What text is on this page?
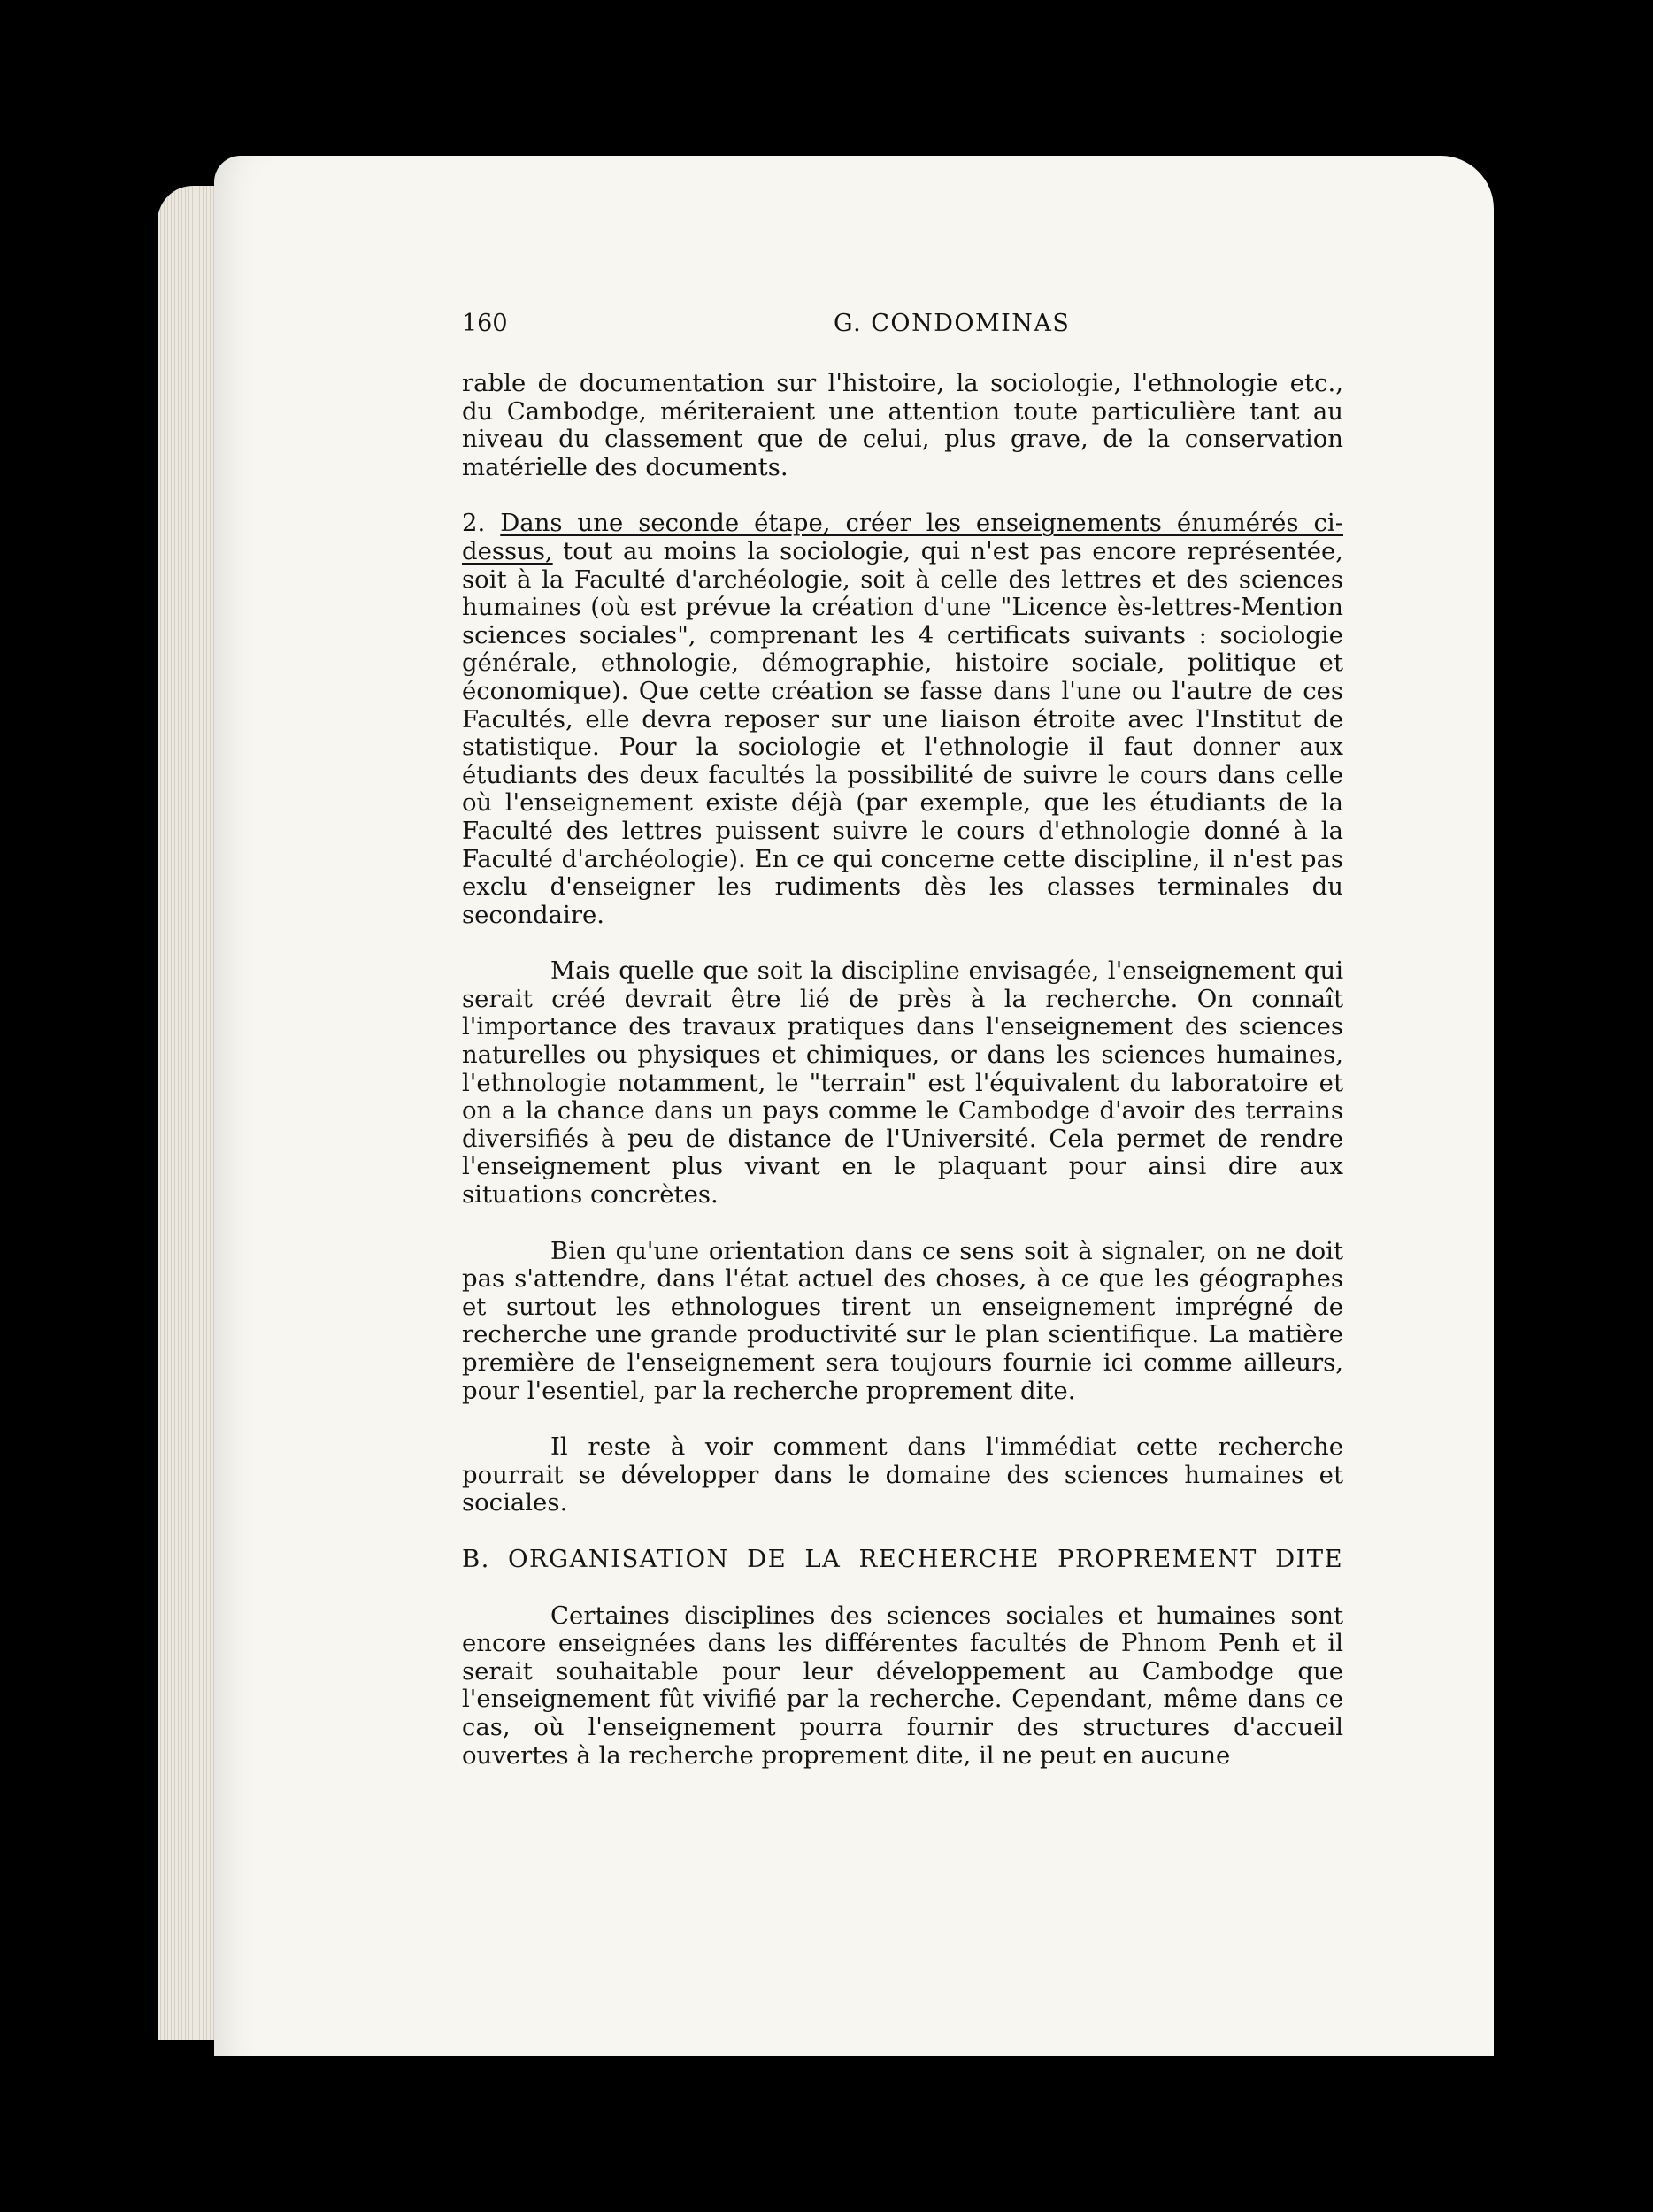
160	G. CONDOMINAS

rable de documentation sur l'histoire, la sociologie, l'ethnologie etc., du Cambodge, mériteraient une attention toute particulière tant au niveau du classement que de celui, plus grave, de la conservation matérielle des documents.

2. Dans une seconde étape, créer les enseignements énumérés ci-dessus, tout au moins la sociologie, qui n'est pas encore représentée, soit à la Faculté d'archéologie, soit à celle des lettres et des sciences humaines (où est prévue la création d'une "Licence ès-lettres-Mention sciences sociales", comprenant les 4 certificats suivants : sociologie générale, ethnologie, démographie, histoire sociale, politique et économique). Que cette création se fasse dans l'une ou l'autre de ces Facultés, elle devra reposer sur une liaison étroite avec l'Institut de statistique. Pour la sociologie et l'ethnologie il faut donner aux étudiants des deux facultés la possibilité de suivre le cours dans celle où l'enseignement existe déjà (par exemple, que les étudiants de la Faculté des lettres puissent suivre le cours d'ethnologie donné à la Faculté d'archéologie). En ce qui concerne cette discipline, il n'est pas exclu d'enseigner les rudiments dès les classes terminales du secondaire.

Mais quelle que soit la discipline envisagée, l'enseignement qui serait créé devrait être lié de près à la recherche. On connaît l'importance des travaux pratiques dans l'enseignement des sciences naturelles ou physiques et chimiques, or dans les sciences humaines, l'ethnologie notamment, le "terrain" est l'équivalent du laboratoire et on a la chance dans un pays comme le Cambodge d'avoir des terrains diversifiés à peu de distance de l'Université. Cela permet de rendre l'enseignement plus vivant en le plaquant pour ainsi dire aux situations concrètes.

Bien qu'une orientation dans ce sens soit à signaler, on ne doit pas s'attendre, dans l'état actuel des choses, à ce que les géographes et surtout les ethnologues tirent un enseignement imprégné de recherche une grande productivité sur le plan scientifique. La matière première de l'enseignement sera toujours fournie ici comme ailleurs, pour l'esentiel, par la recherche proprement dite.

Il reste à voir comment dans l'immédiat cette recherche pourrait se développer dans le domaine des sciences humaines et sociales.

B. ORGANISATION DE LA RECHERCHE PROPREMENT DITE

Certaines disciplines des sciences sociales et humaines sont encore enseignées dans les différentes facultés de Phnom Penh et il serait souhaitable pour leur développement au Cambodge que l'enseignement fût vivifié par la recherche. Cependant, même dans ce cas, où l'enseignement pourra fournir des structures d'accueil ouvertes à la recherche proprement dite, il ne peut en aucune
